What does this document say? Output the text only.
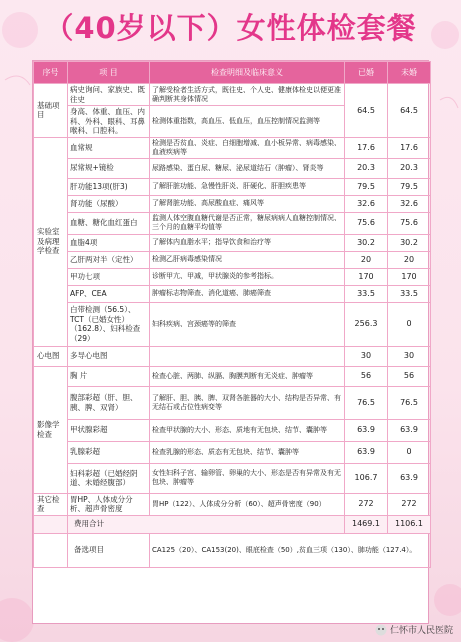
（40岁以下）女性体检套餐
序号	项 目	检查明细及临床意义	已婚	未婚
基础项目	病史询问、家族史、既往史	了解受检者生活方式，既往史、个人史、健康体检史以便更准确判断其身体情况	64.5	64.5
	身高、体重、血压、内科、外科、眼科、耳鼻喉科、口腔科。	检测体重指数，高血压、低血压，血压控制情况监测等		
实验室及病理学检查	血常规	检测是否贫血、炎症、白细胞增减、血小板异常、病毒感染、血液疾病等	17.6	17.6
	尿常规+镜检	尿路感染、蛋白尿、糖尿、泌尿道结石（肿瘤）、肾炎等	20.3	20.3
	肝功能13项(肝3)	了解肝脏功能、急慢性肝炎、肝硬化、肝胆疾患等	79.5	79.5
	肾功能（尿酸）	了解肾脏功能、高尿酸血症、痛风等	32.6	32.6
	血糖、糖化血红蛋白	监测人体空腹血糖代谢是否正常，糖尿病病人血糖控制情况、三个月的血糖平均值等	75.6	75.6
	血脂4项	了解体内血脂水平；指导饮食和治疗等	30.2	30.2
	乙肝两对半（定性）	检测乙肝病毒感染情况	20	20
	甲功七项	诊断甲亢、甲减，甲状腺炎的参考指标。	170	170
	AFP、CEA	肿瘤标志物筛查、消化道癌、肺癌筛查	33.5	33.5
	白带检测（56.5）、TCT（已婚女性）（162.8）、妇科检查（29）	妇科疾病、宫颈癌等的筛查	256.3	0
心电图	多导心电图		30	30
影像学检查	胸 片	检查心脏、两肺、纵膈、胸膜判断有无炎症、肿瘤等	56	56
	腹部彩超（肝、胆、胰、脾、双肾）	了解肝、胆、胰、脾、双肾各脏器的大小、结构是否异常、有无结石或占位性病变等	76.5	76.5
	甲状腺彩超	检查甲状腺的大小、形态、质地有无包块、结节、囊肿等	63.9	63.9
	乳腺彩超	检查乳腺的形态、质态有无包块、结节、囊肿等	63.9	0
	妇科彩超（已婚经阴道、未婚经腹部）	女性妇科子宫、输卵管、卵巢的大小、形态是否有异常及有无包块、肿瘤等	106.7	63.9
其它检查	胃HP、人体成分分析、超声骨密度	胃HP（122）、人体成分分析（60）、超声骨密度（90）	272	272
	费用合计		1469.1	1106.1
	备选项目	CA125（20）、CA153(20)、眼底检查（50）,贫血三项（130）、肺功能（127.4）。		
仁怀市人民医院
